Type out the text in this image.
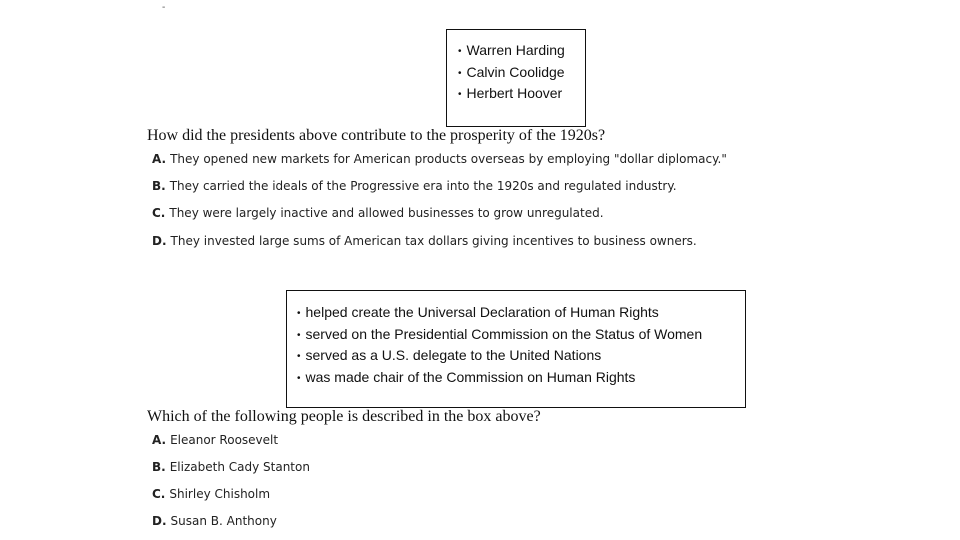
-
• Warren Harding
• Calvin Coolidge
• Herbert Hoover
How did the presidents above contribute to the prosperity of the 1920s?
A. They opened new markets for American products overseas by employing "dollar diplomacy."
B. They carried the ideals of the Progressive era into the 1920s and regulated industry.
C. They were largely inactive and allowed businesses to grow unregulated.
D. They invested large sums of American tax dollars giving incentives to business owners.
• helped create the Universal Declaration of Human Rights
• served on the Presidential Commission on the Status of Women
• served as a U.S. delegate to the United Nations
• was made chair of the Commission on Human Rights
Which of the following people is described in the box above?
A. Eleanor Roosevelt
B. Elizabeth Cady Stanton
C. Shirley Chisholm
D. Susan B. Anthony
